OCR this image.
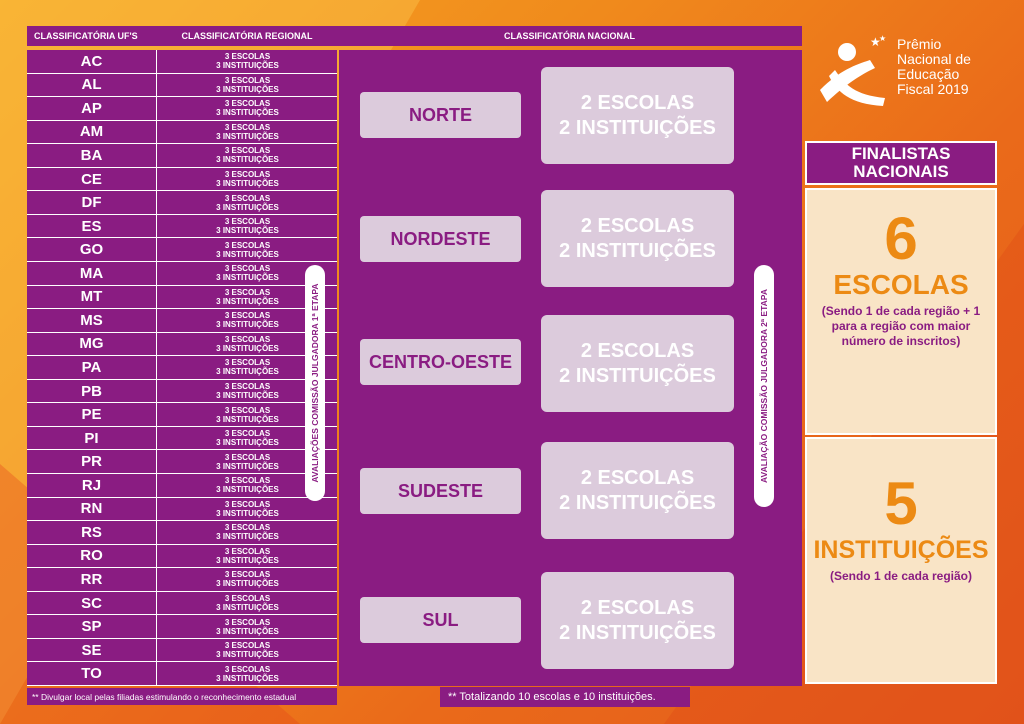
CLASSIFICATÓRIA UF'S	CLASSIFICATÓRIA REGIONAL	CLASSIFICATÓRIA NACIONAL
AC	3 ESCOLAS
3 INSTITUIÇÕES
AL	3 ESCOLAS
3 INSTITUIÇÕES
AP	3 ESCOLAS
3 INSTITUIÇÕES
AM	3 ESCOLAS
3 INSTITUIÇÕES
BA	3 ESCOLAS
3 INSTITUIÇÕES
CE	3 ESCOLAS
3 INSTITUIÇÕES
DF	3 ESCOLAS
3 INSTITUIÇÕES
ES	3 ESCOLAS
3 INSTITUIÇÕES
GO	3 ESCOLAS
3 INSTITUIÇÕES
MA	3 ESCOLAS
3 INSTITUIÇÕES
MT	3 ESCOLAS
3 INSTITUIÇÕES
MS	3 ESCOLAS
3 INSTITUIÇÕES
MG	3 ESCOLAS
3 INSTITUIÇÕES
PA	3 ESCOLAS
3 INSTITUIÇÕES
PB	3 ESCOLAS
3 INSTITUIÇÕES
PE	3 ESCOLAS
3 INSTITUIÇÕES
PI	3 ESCOLAS
3 INSTITUIÇÕES
PR	3 ESCOLAS
3 INSTITUIÇÕES
RJ	3 ESCOLAS
3 INSTITUIÇÕES
RN	3 ESCOLAS
3 INSTITUIÇÕES
RS	3 ESCOLAS
3 INSTITUIÇÕES
RO	3 ESCOLAS
3 INSTITUIÇÕES
RR	3 ESCOLAS
3 INSTITUIÇÕES
SC	3 ESCOLAS
3 INSTITUIÇÕES
SP	3 ESCOLAS
3 INSTITUIÇÕES
SE	3 ESCOLAS
3 INSTITUIÇÕES
TO	3 ESCOLAS
3 INSTITUIÇÕES
AVALIAÇÕES COMISSÃO JULGADORA 1ª ETAPA
NORTE
2 ESCOLAS
2 INSTITUIÇÕES
NORDESTE
2 ESCOLAS
2 INSTITUIÇÕES
CENTRO-OESTE	2 ESCOLAS
2 INSTITUIÇÕES
SUDESTE
2 ESCOLAS
2 INSTITUIÇÕES
SUL
2 ESCOLAS
2 INSTITUIÇÕES
AVALIAÇÃO COMISSÃO JULGADORA 2ª ETAPA
★
★ Prêmio
Nacional de
Educação
Fiscal 2019
FINALISTAS
NACIONAIS
6
ESCOLAS
(Sendo 1 de cada região + 1 para a região com maior número de inscritos)
5
INSTITUIÇÕES
(Sendo 1 de cada região)
** Divulgar local pelas filiadas estimulando o reconhecimento estadual	** Totalizando 10 escolas e 10 instituições.
